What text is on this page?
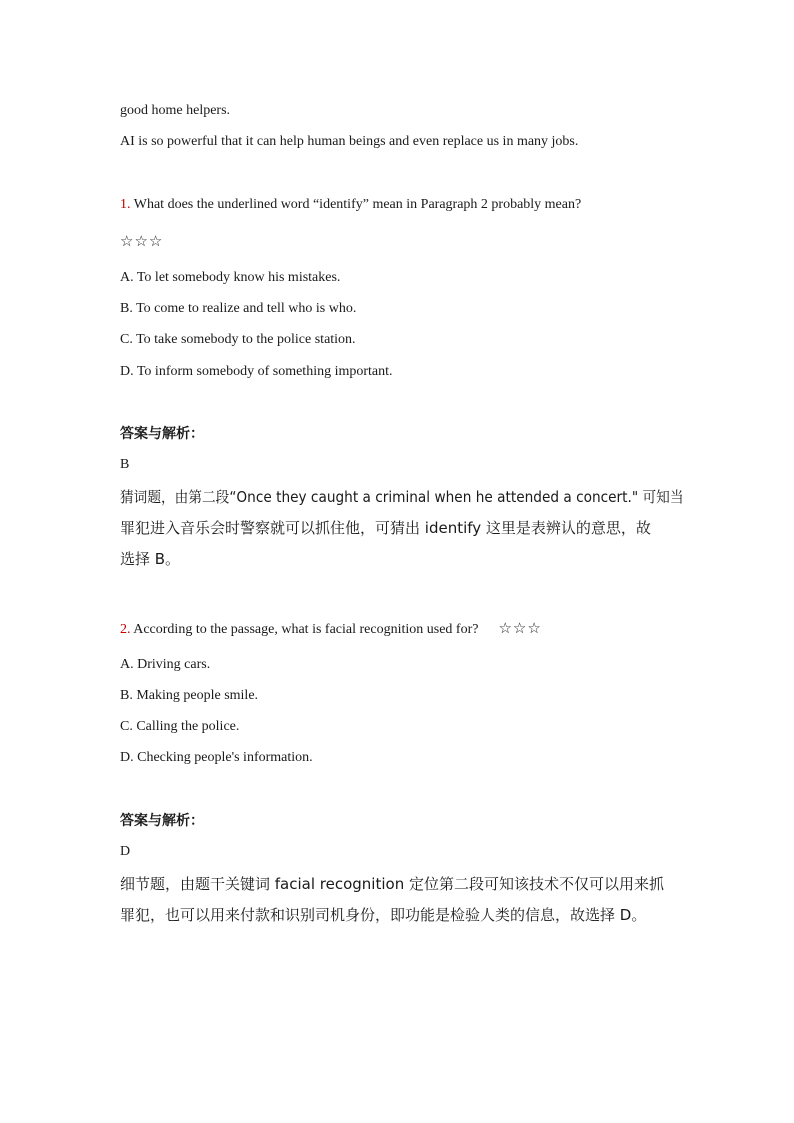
good home helpers.
AI is so powerful that it can help human beings and even replace us in many jobs.
1. What does the underlined word “identify” mean in Paragraph 2 probably mean?
☆☆☆
A. To let somebody know his mistakes.
B. To come to realize and tell who is who.
C. To take somebody to the police station.
D. To inform somebody of something important.
答案与解析：
B
猜词题，由第二段“Once they caught a criminal when he attended a concert." 可知当
罪犯进入音乐会时警察就可以抓住他，可猜出 identify 这里是表辨认的意思，故
选择 B。
2. According to the passage, what is facial recognition used for? ☆☆☆
A. Driving cars.
B. Making people smile.
C. Calling the police.
D. Checking people's information.
答案与解析：
D
细节题，由题干关键词 facial recognition 定位第二段可知该技术不仅可以用来抓
罪犯，也可以用来付款和识别司机身份，即功能是检验人类的信息，故选择 D。
